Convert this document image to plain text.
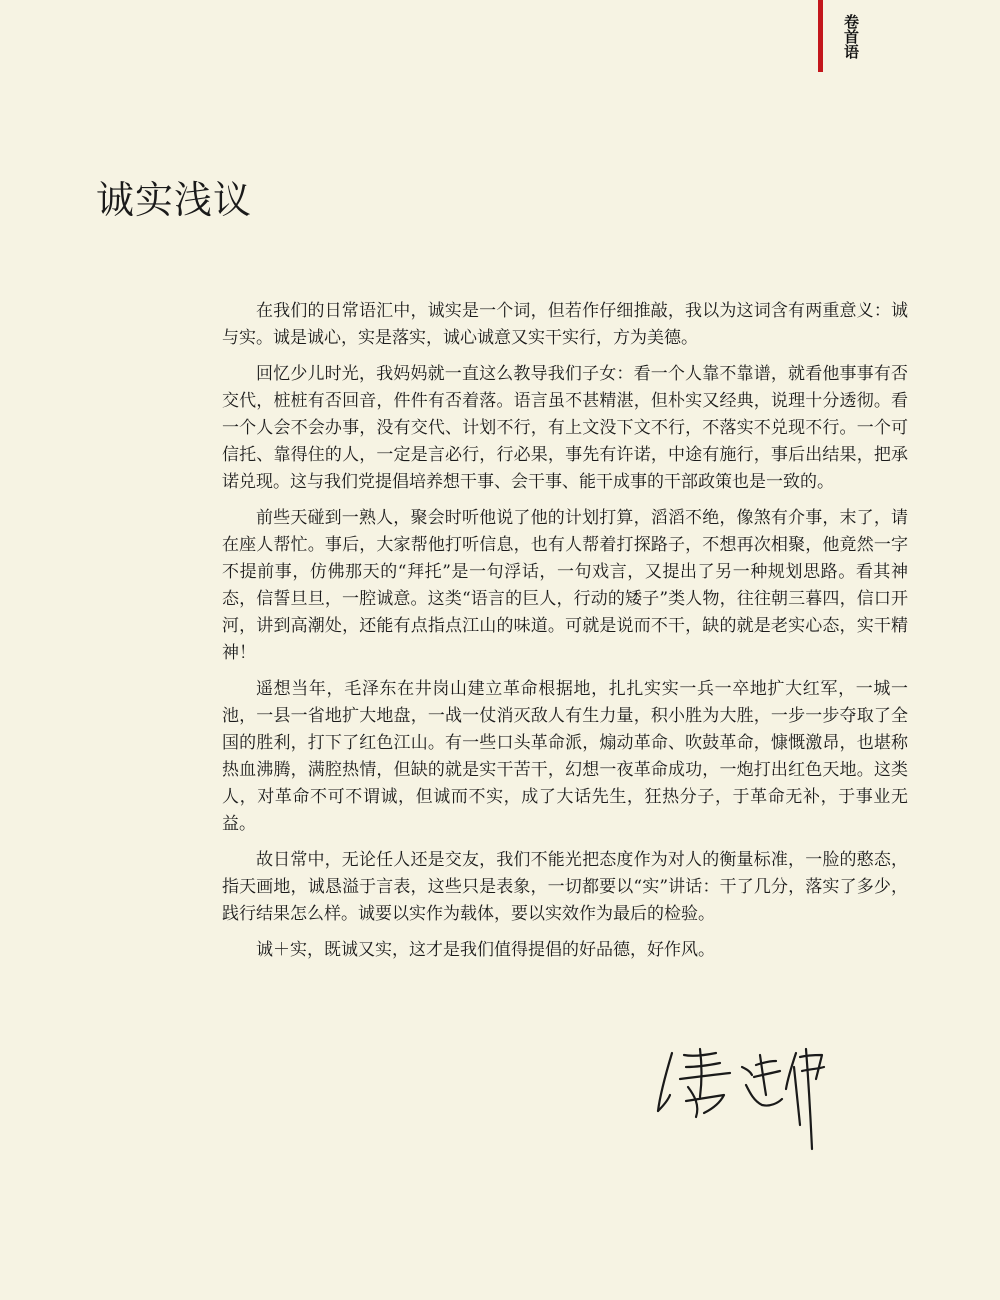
卷首语
诚实浅议

在我们的日常语汇中，诚实是一个词，但若作仔细推敲，我以为这词含有两重意义：诚与实。诚是诚心，实是落实，诚心诚意又实干实行，方为美德。

回忆少儿时光，我妈妈就一直这么教导我们子女：看一个人靠不靠谱，就看他事事有否交代，桩桩有否回音，件件有否着落。语言虽不甚精湛，但朴实又经典，说理十分透彻。看一个人会不会办事，没有交代、计划不行，有上文没下文不行，不落实不兑现不行。一个可信托、靠得住的人，一定是言必行，行必果，事先有许诺，中途有施行，事后出结果，把承诺兑现。这与我们党提倡培养想干事、会干事、能干成事的干部政策也是一致的。

前些天碰到一熟人，聚会时听他说了他的计划打算，滔滔不绝，像煞有介事，末了，请在座人帮忙。事后，大家帮他打听信息，也有人帮着打探路子，不想再次相聚，他竟然一字不提前事，仿佛那天的“拜托”是一句浮话，一句戏言，又提出了另一种规划思路。看其神态，信誓旦旦，一腔诚意。这类“语言的巨人，行动的矮子”类人物，往往朝三暮四，信口开河，讲到高潮处，还能有点指点江山的味道。可就是说而不干，缺的就是老实心态，实干精神！

遥想当年，毛泽东在井岗山建立革命根据地，扎扎实实一兵一卒地扩大红军，一城一池，一县一省地扩大地盘，一战一仗消灭敌人有生力量，积小胜为大胜，一步一步夺取了全国的胜利，打下了红色江山。有一些口头革命派，煽动革命、吹鼓革命，慷慨激昂，也堪称热血沸腾，满腔热情，但缺的就是实干苦干，幻想一夜革命成功，一炮打出红色天地。这类人，对革命不可不谓诚，但诚而不实，成了大话先生，狂热分子，于革命无补，于事业无益。

故日常中，无论任人还是交友，我们不能光把态度作为对人的衡量标准，一脸的憨态，指天画地，诚恳溢于言表，这些只是表象，一切都要以“实”讲话：干了几分，落实了多少，践行结果怎么样。诚要以实作为载体，要以实效作为最后的检验。

诚＋实，既诚又实，这才是我们值得提倡的好品德，好作风。
